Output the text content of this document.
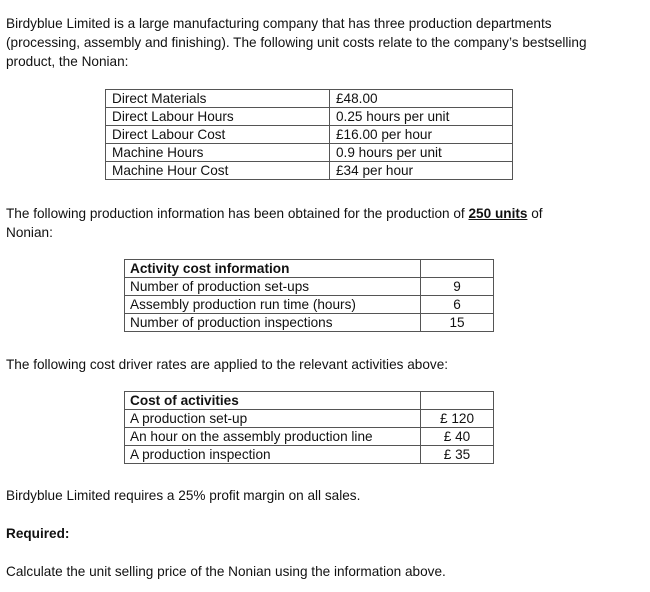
Birdyblue Limited is a large manufacturing company that has three production departments

(processing, assembly and finishing). The following unit costs relate to the company’s bestselling

product, the Nonian:

Direct Materials	£48.00
Direct Labour Hours	0.25 hours per unit
Direct Labour Cost	£16.00 per hour
Machine Hours	0.9 hours per unit
Machine Hour Cost	£34 per hour

The following production information has been obtained for the production of 250 units of

Nonian:

Activity cost information	
Number of production set-ups	9
Assembly production run time (hours)	6
Number of production inspections	15

The following cost driver rates are applied to the relevant activities above:

Cost of activities	
A production set-up	£ 120
An hour on the assembly production line	£ 40
A production inspection	£ 35

Birdyblue Limited requires a 25% profit margin on all sales.

Required:

Calculate the unit selling price of the Nonian using the information above.
